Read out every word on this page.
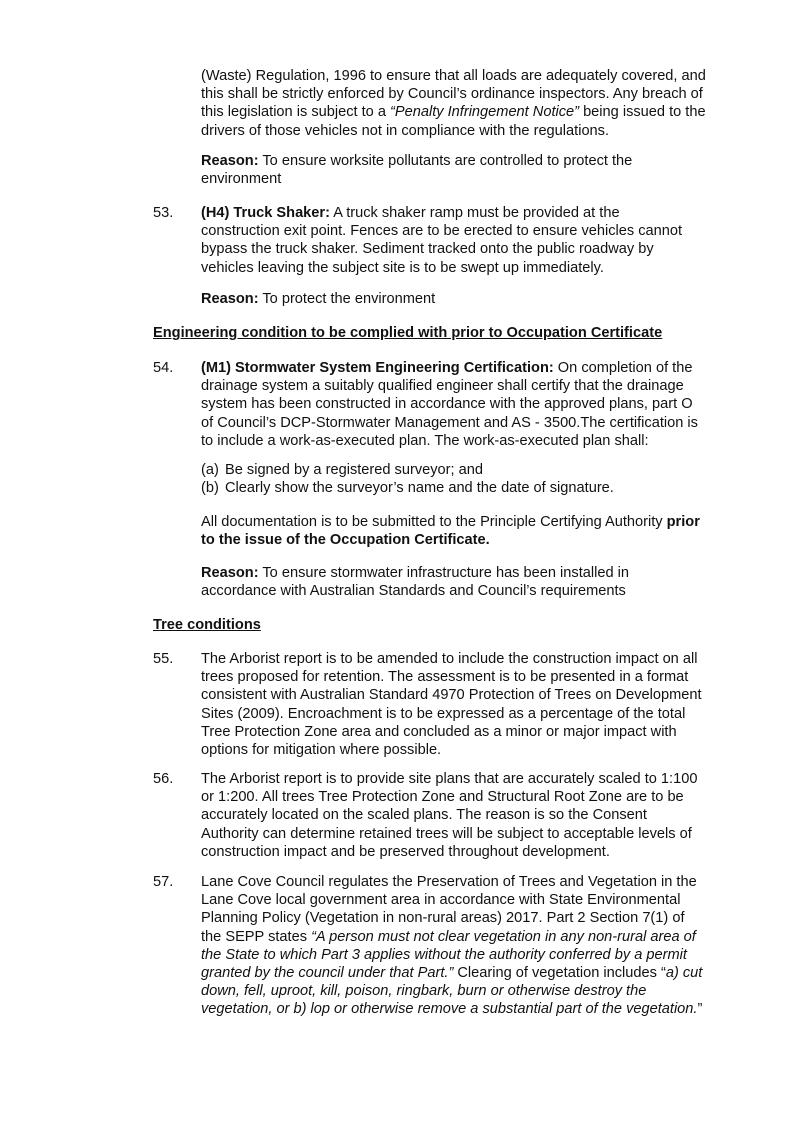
(Waste) Regulation, 1996 to ensure that all loads are adequately covered, and
this shall be strictly enforced by Council’s ordinance inspectors. Any breach of
this legislation is subject to a “Penalty Infringement Notice” being issued to the
drivers of those vehicles not in compliance with the regulations.
Reason: To ensure worksite pollutants are controlled to protect the
environment
53. (H4) Truck Shaker: A truck shaker ramp must be provided at the
construction exit point. Fences are to be erected to ensure vehicles cannot
bypass the truck shaker. Sediment tracked onto the public roadway by
vehicles leaving the subject site is to be swept up immediately.
Reason: To protect the environment
Engineering condition to be complied with prior to Occupation Certificate
54. (M1) Stormwater System Engineering Certification: On completion of the
drainage system a suitably qualified engineer shall certify that the drainage
system has been constructed in accordance with the approved plans, part O
of Council’s DCP-Stormwater Management and AS - 3500.The certification is
to include a work-as-executed plan. The work-as-executed plan shall:
(a) Be signed by a registered surveyor; and
(b) Clearly show the surveyor’s name and the date of signature.
All documentation is to be submitted to the Principle Certifying Authority prior
to the issue of the Occupation Certificate.
Reason: To ensure stormwater infrastructure has been installed in
accordance with Australian Standards and Council’s requirements
Tree conditions
55. The Arborist report is to be amended to include the construction impact on all
trees proposed for retention. The assessment is to be presented in a format
consistent with Australian Standard 4970 Protection of Trees on Development
Sites (2009). Encroachment is to be expressed as a percentage of the total
Tree Protection Zone area and concluded as a minor or major impact with
options for mitigation where possible.
56. The Arborist report is to provide site plans that are accurately scaled to 1:100
or 1:200. All trees Tree Protection Zone and Structural Root Zone are to be
accurately located on the scaled plans. The reason is so the Consent
Authority can determine retained trees will be subject to acceptable levels of
construction impact and be preserved throughout development.
57. Lane Cove Council regulates the Preservation of Trees and Vegetation in the
Lane Cove local government area in accordance with State Environmental
Planning Policy (Vegetation in non-rural areas) 2017. Part 2 Section 7(1) of
the SEPP states “A person must not clear vegetation in any non-rural area of
the State to which Part 3 applies without the authority conferred by a permit
granted by the council under that Part.” Clearing of vegetation includes “a) cut
down, fell, uproot, kill, poison, ringbark, burn or otherwise destroy the
vegetation, or b) lop or otherwise remove a substantial part of the vegetation.”
